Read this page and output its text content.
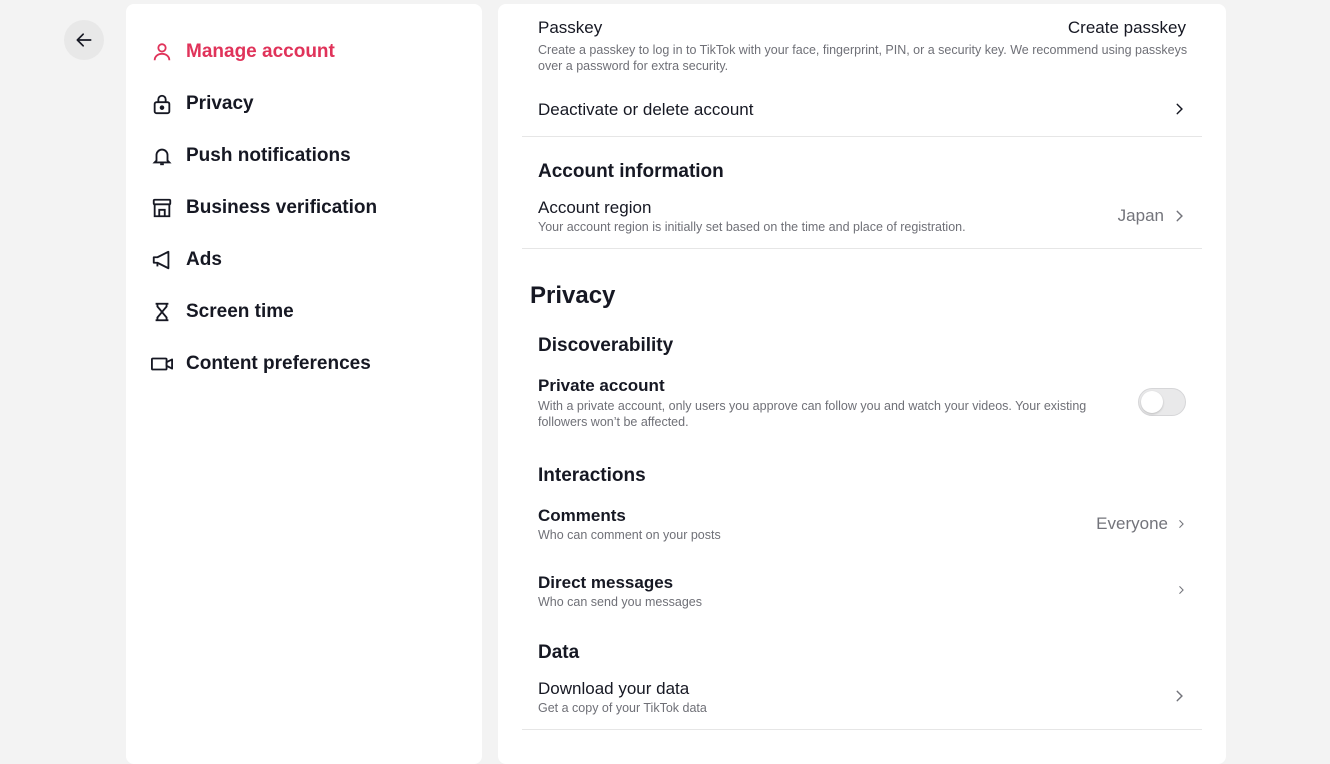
Manage account
Privacy
Push notifications
Business verification
Ads
Screen time
Content preferences
Passkey	Create passkey
Create a passkey to log in to TikTok with your face, fingerprint, PIN, or a security key. We recommend using passkeys over a password for extra security.
Deactivate or delete account
Account information
Account region
Your account region is initially set based on the time and place of registration.
Japan
Privacy
Discoverability
Private account
With a private account, only users you approve can follow you and watch your videos. Your existing followers won’t be affected.
Interactions
Comments
Who can comment on your posts
Everyone
Direct messages
Who can send you messages
Data
Download your data
Get a copy of your TikTok data
